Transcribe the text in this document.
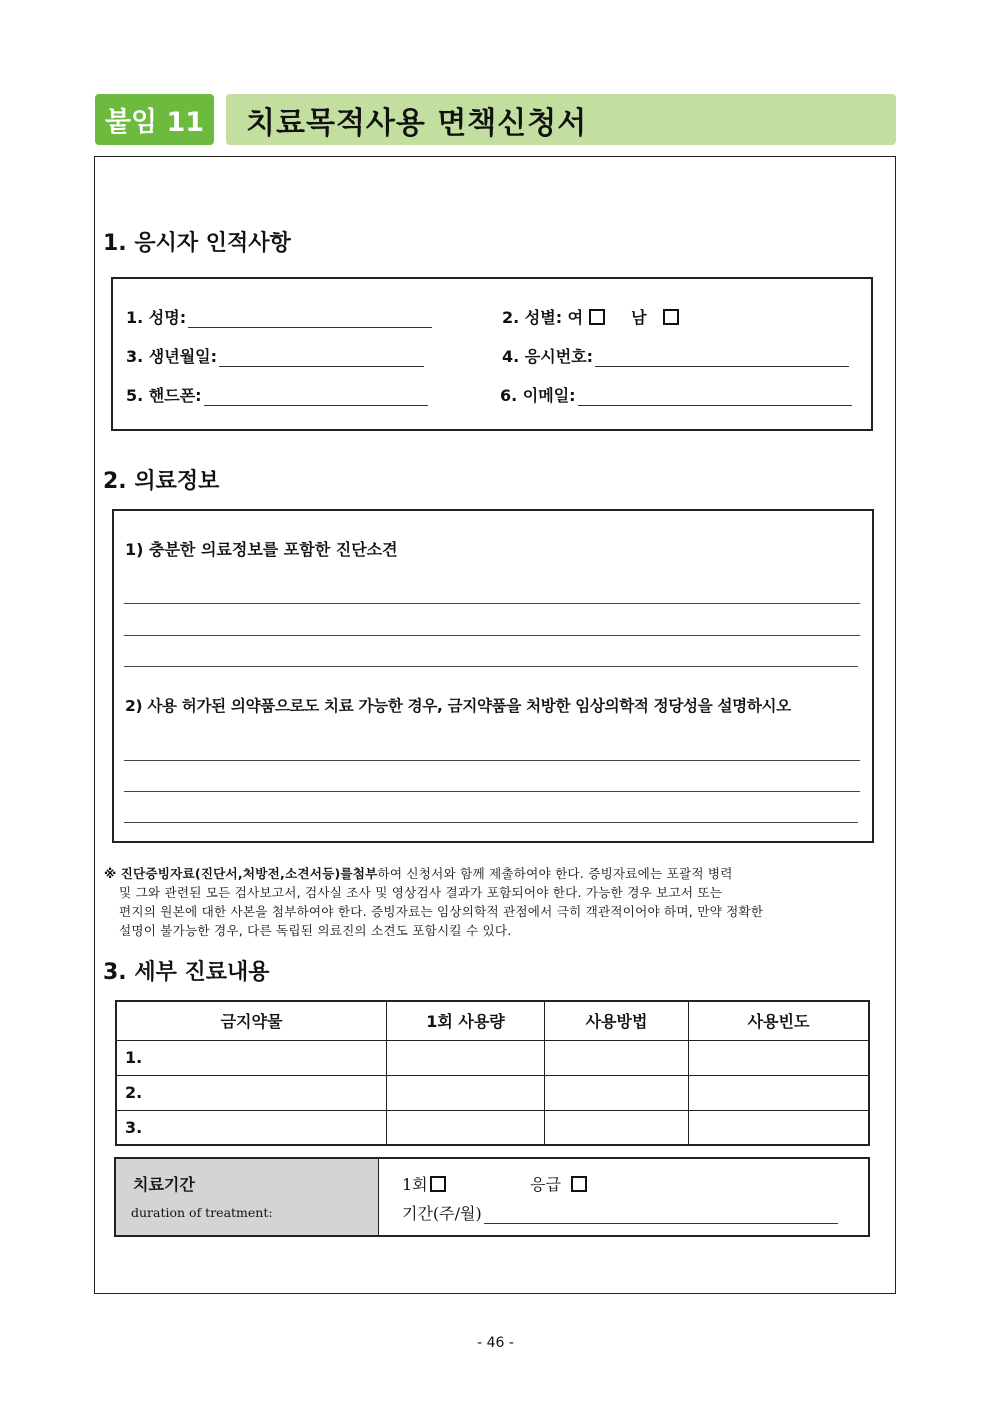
붙임 11	치료목적사용 면책신청서
1. 응시자 인적사항
1. 성명:	2. 성별: 여	남
3. 생년월일:	4. 응시번호:
5. 핸드폰:	6. 이메일:
2. 의료정보
1) 충분한 의료정보를 포함한 진단소견
2) 사용 허가된 의약품으로도 치료 가능한 경우, 금지약품을 처방한 임상의학적 정당성을 설명하시오
※ 진단증빙자료(진단서,처방전,소견서등)를첨부하여 신청서와 함께 제출하여야 한다. 증빙자료에는 포괄적 병력
및 그와 관련된 모든 검사보고서, 검사실 조사 및 영상검사 결과가 포함되어야 한다. 가능한 경우 보고서 또는
편지의 원본에 대한 사본을 첨부하여야 한다. 증빙자료는 임상의학적 관점에서 극히 객관적이어야 하며, 만약 정확한
설명이 불가능한 경우, 다른 독립된 의료진의 소견도 포함시킬 수 있다.
3. 세부 진료내용
금지약물	1회 사용량	사용방법	사용빈도
1.			
2.			
3.			
치료기간
duration of treatment:
1회	응급
기간(주/월)
- 46 -
